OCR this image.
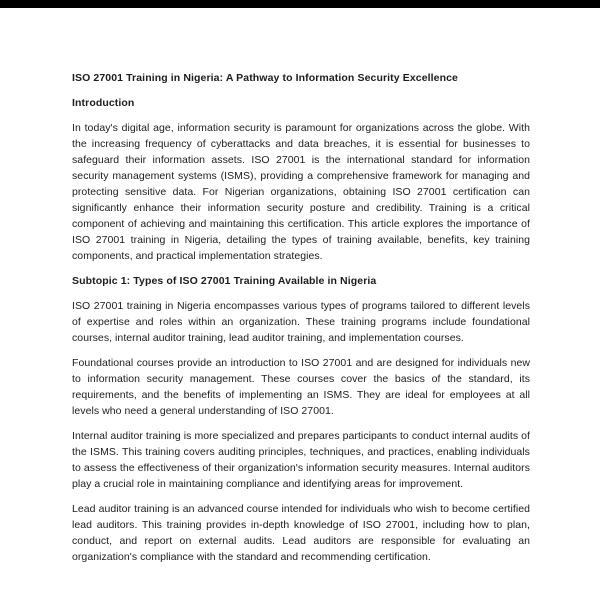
ISO 27001 Training in Nigeria: A Pathway to Information Security Excellence
Introduction

In today's digital age, information security is paramount for organizations across the globe. With the increasing frequency of cyberattacks and data breaches, it is essential for businesses to safeguard their information assets. ISO 27001 is the international standard for information security management systems (ISMS), providing a comprehensive framework for managing and protecting sensitive data. For Nigerian organizations, obtaining ISO 27001 certification can significantly enhance their information security posture and credibility. Training is a critical component of achieving and maintaining this certification. This article explores the importance of ISO 27001 training in Nigeria, detailing the types of training available, benefits, key training components, and practical implementation strategies.

Subtopic 1: Types of ISO 27001 Training Available in Nigeria

ISO 27001 training in Nigeria encompasses various types of programs tailored to different levels of expertise and roles within an organization. These training programs include foundational courses, internal auditor training, lead auditor training, and implementation courses.

Foundational courses provide an introduction to ISO 27001 and are designed for individuals new to information security management. These courses cover the basics of the standard, its requirements, and the benefits of implementing an ISMS. They are ideal for employees at all levels who need a general understanding of ISO 27001.

Internal auditor training is more specialized and prepares participants to conduct internal audits of the ISMS. This training covers auditing principles, techniques, and practices, enabling individuals to assess the effectiveness of their organization's information security measures. Internal auditors play a crucial role in maintaining compliance and identifying areas for improvement.

Lead auditor training is an advanced course intended for individuals who wish to become certified lead auditors. This training provides in-depth knowledge of ISO 27001, including how to plan, conduct, and report on external audits. Lead auditors are responsible for evaluating an organization's compliance with the standard and recommending certification.
